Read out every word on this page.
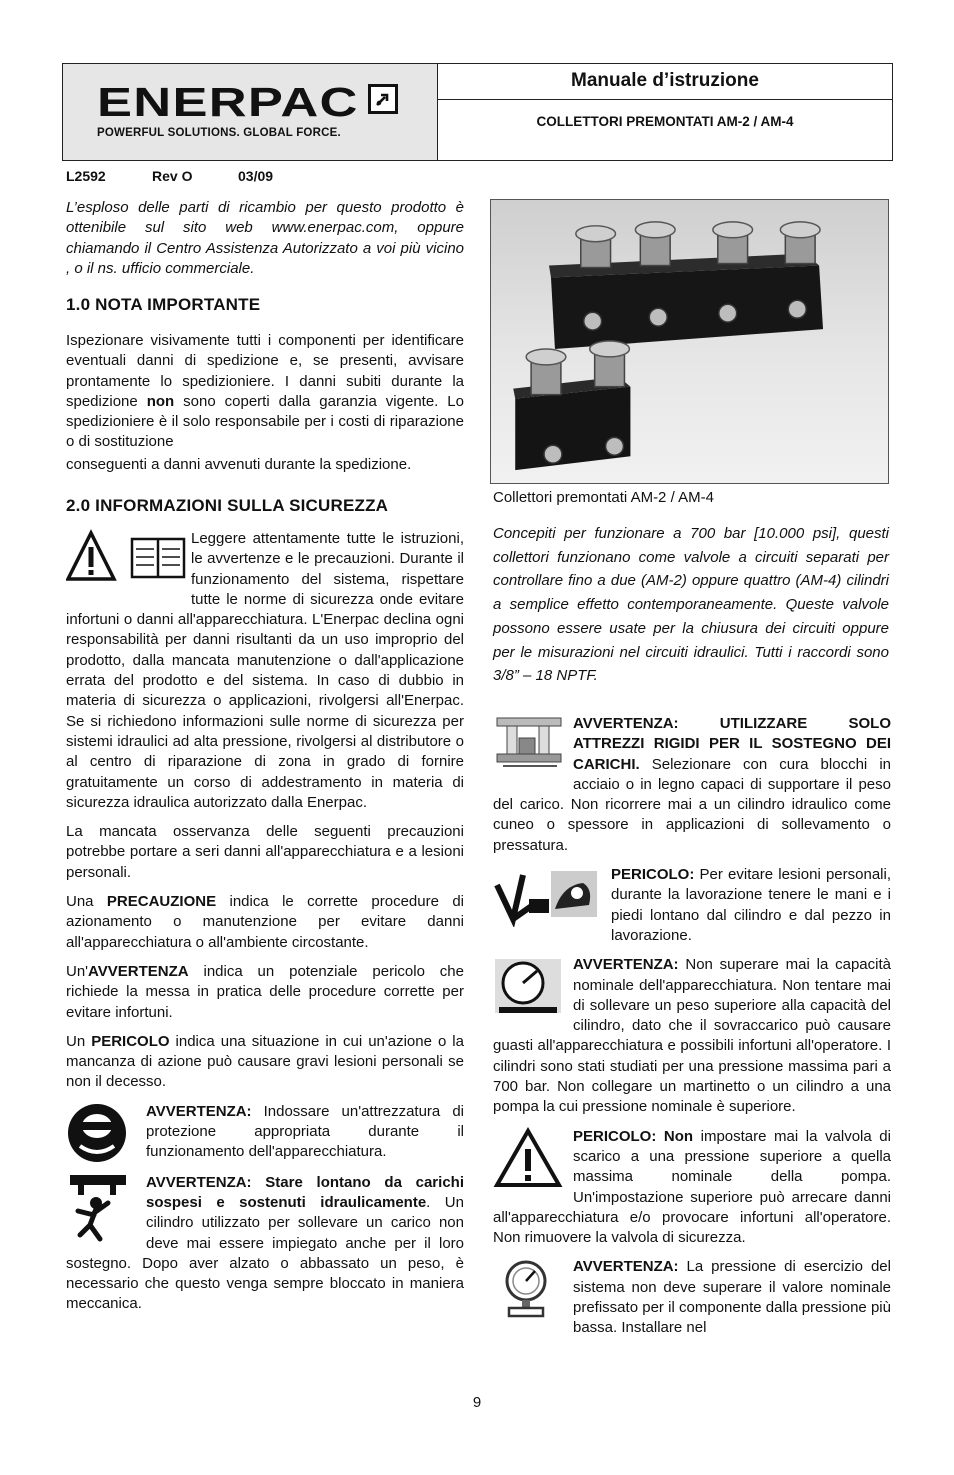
ENERPAC
POWERFUL SOLUTIONS. GLOBAL FORCE.
Manuale d’istruzione
COLLETTORI PREMONTATI AM-2 / AM-4
L2592	Rev O	03/09
L’esploso delle parti di ricambio per questo prodotto è ottenibile sul sito web www.enerpac.com, oppure chiamando il Centro Assistenza Autorizzato a voi più vicino , o il ns. ufficio commerciale.
1.0 NOTA IMPORTANTE

Ispezionare visivamente tutti i componenti per identificare eventuali danni di spedizione e, se presenti, avvisare prontamente lo spedizioniere. I danni subiti durante la spedizione non sono coperti dalla garanzia vigente. Lo spedizioniere è il solo responsabile per i costi di riparazione o di sostituzione

conseguenti a danni avvenuti durante la spedizione.

2.0 INFORMAZIONI SULLA SICUREZZA

Leggere attentamente tutte le istruzioni, le avvertenze e le precauzioni. Durante il funzionamento del sistema, rispettare tutte le norme di sicurezza onde evitare infortuni o danni all'apparecchiatura. L'Enerpac declina ogni responsabilità per danni risultanti da un uso improprio del prodotto, dalla mancata manutenzione o dall'applicazione errata del prodotto e del sistema. In caso di dubbio in materia di sicurezza o applicazioni, rivolgersi all'Enerpac. Se si richiedono informazioni sulle norme di sicurezza per sistemi idraulici ad alta pressione, rivolgersi al distributore o al centro di riparazione di zona in grado di fornire gratuitamente un corso di addestramento in materia di sicurezza idraulica autorizzato dalla Enerpac.

La mancata osservanza delle seguenti precauzioni potrebbe portare a seri danni all'apparecchiatura e a lesioni personali.

Una PRECAUZIONE indica le corrette procedure di azionamento o manutenzione per evitare danni all'apparecchiatura o all'ambiente circostante.

Un'AVVERTENZA indica un potenziale pericolo che richiede la messa in pratica delle procedure corrette per evitare infortuni.

Un PERICOLO indica una situazione in cui un'azione o la mancanza di azione può causare gravi lesioni personali se non il decesso.

AVVERTENZA: Indossare un'attrezzatura di protezione appropriata durante il funzionamento dell'apparecchiatura.

AVVERTENZA: Stare lontano da carichi sospesi e sostenuti idraulicamente. Un cilindro utilizzato per sollevare un carico non deve mai essere impiegato anche per il loro sostegno. Dopo aver alzato o abbassato un peso, è necessario che questo venga sempre bloccato in maniera meccanica.

Collettori premontati AM-2 / AM-4
Concepiti per funzionare a 700 bar [10.000 psi], questi collettori funzionano come valvole a circuiti separati per controllare fino a due (AM-2) oppure quattro (AM-4) cilindri a semplice effetto contemporaneamente. Queste valvole possono essere usate per la chiusura dei circuiti oppure per le misurazioni nel circuiti idraulici. Tutti i raccordi sono 3/8” – 18 NPTF.

AVVERTENZA: UTILIZZARE SOLO ATTREZZI RIGIDI PER IL SOSTEGNO DEI CARICHI. Selezionare con cura blocchi in acciaio o in legno capaci di supportare il peso del carico. Non ricorrere mai a un cilindro idraulico come cuneo o spessore in applicazioni di sollevamento o pressatura.

PERICOLO: Per evitare lesioni personali, durante la lavorazione tenere le mani e i piedi lontano dal cilindro e dal pezzo in lavorazione.

AVVERTENZA: Non superare mai la capacità nominale dell'apparecchiatura. Non tentare mai di sollevare un peso superiore alla capacità del cilindro, dato che il sovraccarico può causare guasti all'apparecchiatura e possibili infortuni all'operatore. I cilindri sono stati studiati per una pressione massima pari a 700 bar. Non collegare un martinetto o un cilindro a una pompa la cui pressione nominale è superiore.

PERICOLO: Non impostare mai la valvola di scarico a una pressione superiore a quella massima nominale della pompa. Un'impostazione superiore può arrecare danni all'apparecchiatura e/o provocare infortuni all'operatore. Non rimuovere la valvola di sicurezza.

AVVERTENZA: La pressione di esercizio del sistema non deve superare il valore nominale prefissato per il componente dalla pressione più bassa. Installare nel

9
